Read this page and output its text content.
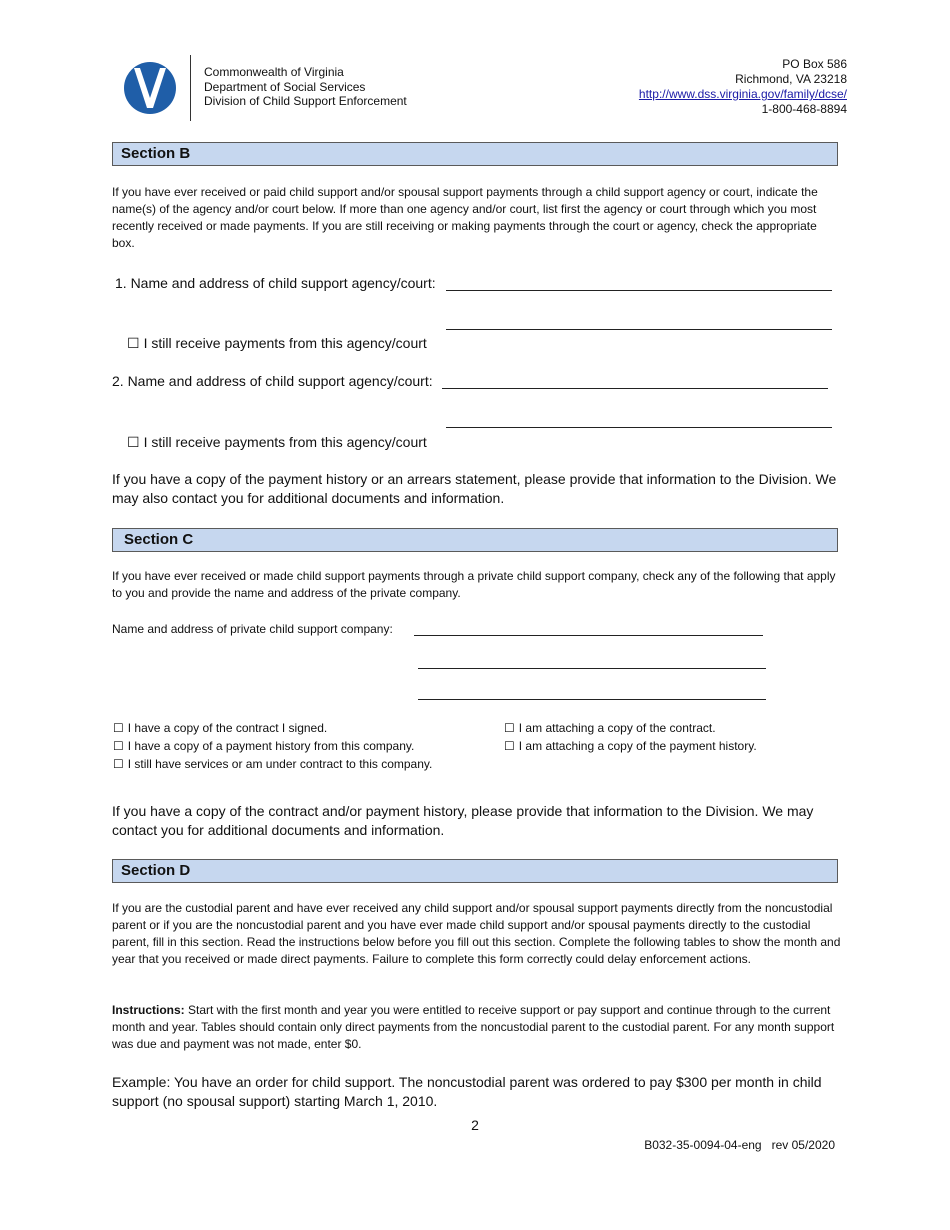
Commonwealth of Virginia
Department of Social Services
Division of Child Support Enforcement
PO Box 586
Richmond, VA 23218
http://www.dss.virginia.gov/family/dcse/
1-800-468-8894
Section B
If you have ever received or paid child support and/or spousal support payments through a child support agency or court, indicate the name(s) of the agency and/or court below. If more than one agency and/or court, list first the agency or court through which you most recently received or made payments. If you are still receiving or making payments through the court or agency, check the appropriate box.
1. Name and address of child support agency/court:
☐ I still receive payments from this agency/court
2. Name and address of child support agency/court:
☐ I still receive payments from this agency/court
If you have a copy of the payment history or an arrears statement, please provide that information to the Division. We may also contact you for additional documents and information.
Section C
If you have ever received or made child support payments through a private child support company, check any of the following that apply to you and provide the name and address of the private company.
Name and address of private child support company:
☐ I have a copy of the contract I signed.
☐ I have a copy of a payment history from this company.
☐ I still have services or am under contract to this company.
☐ I am attaching a copy of the contract.
☐ I am attaching a copy of the payment history.
If you have a copy of the contract and/or payment history, please provide that information to the Division. We may contact you for additional documents and information.
Section D
If you are the custodial parent and have ever received any child support and/or spousal support payments directly from the noncustodial parent or if you are the noncustodial parent and you have ever made child support and/or spousal payments directly to the custodial parent, fill in this section. Read the instructions below before you fill out this section. Complete the following tables to show the month and year that you received or made direct payments. Failure to complete this form correctly could delay enforcement actions.
Instructions: Start with the first month and year you were entitled to receive support or pay support and continue through to the current month and year. Tables should contain only direct payments from the noncustodial parent to the custodial parent. For any month support was due and payment was not made, enter $0.
Example: You have an order for child support. The noncustodial parent was ordered to pay $300 per month in child support (no spousal support) starting March 1, 2010.
2
B032-35-0094-04-eng   rev 05/2020
